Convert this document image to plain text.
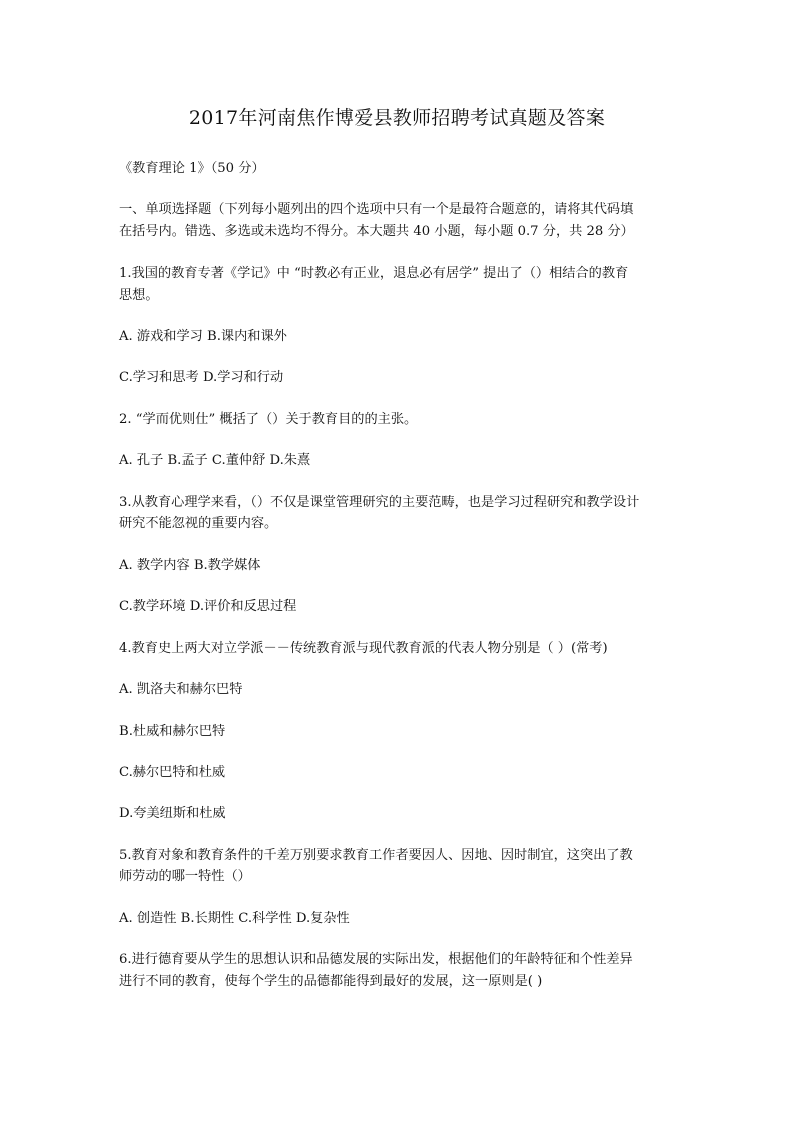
2017年河南焦作博爱县教师招聘考试真题及答案
《教育理论 1》（50 分）
一、单项选择题（下列每小题列出的四个选项中只有一个是最符合题意的，请将其代码填
在括号内。错选、多选或未选均不得分。本大题共 40 小题，每小题 0.7 分，共 28 分）
1.我国的教育专著《学记》中 “时教必有正业，退息必有居学” 提出了（）相结合的教育
思想。
A. 游戏和学习 B.课内和课外
C.学习和思考 D.学习和行动
2. “学而优则仕” 概括了（）关于教育目的的主张。
A. 孔子 B.孟子 C.董仲舒 D.朱熹
3.从教育心理学来看，（）不仅是课堂管理研究的主要范畴，也是学习过程研究和教学设计
研究不能忽视的重要内容。
A. 教学内容 B.教学媒体
C.教学环境 D.评价和反思过程
4.教育史上两大对立学派－－传统教育派与现代教育派的代表人物分别是（ ）(常考)
A. 凯洛夫和赫尔巴特
B.杜威和赫尔巴特
C.赫尔巴特和杜威
D.夸美纽斯和杜威
5.教育对象和教育条件的千差万别要求教育工作者要因人、因地、因时制宜，这突出了教
师劳动的哪一特性（）
A. 创造性 B.长期性 C.科学性 D.复杂性
6.进行德育要从学生的思想认识和品德发展的实际出发，根据他们的年龄特征和个性差异
进行不同的教育，使每个学生的品德都能得到最好的发展，这一原则是( )
